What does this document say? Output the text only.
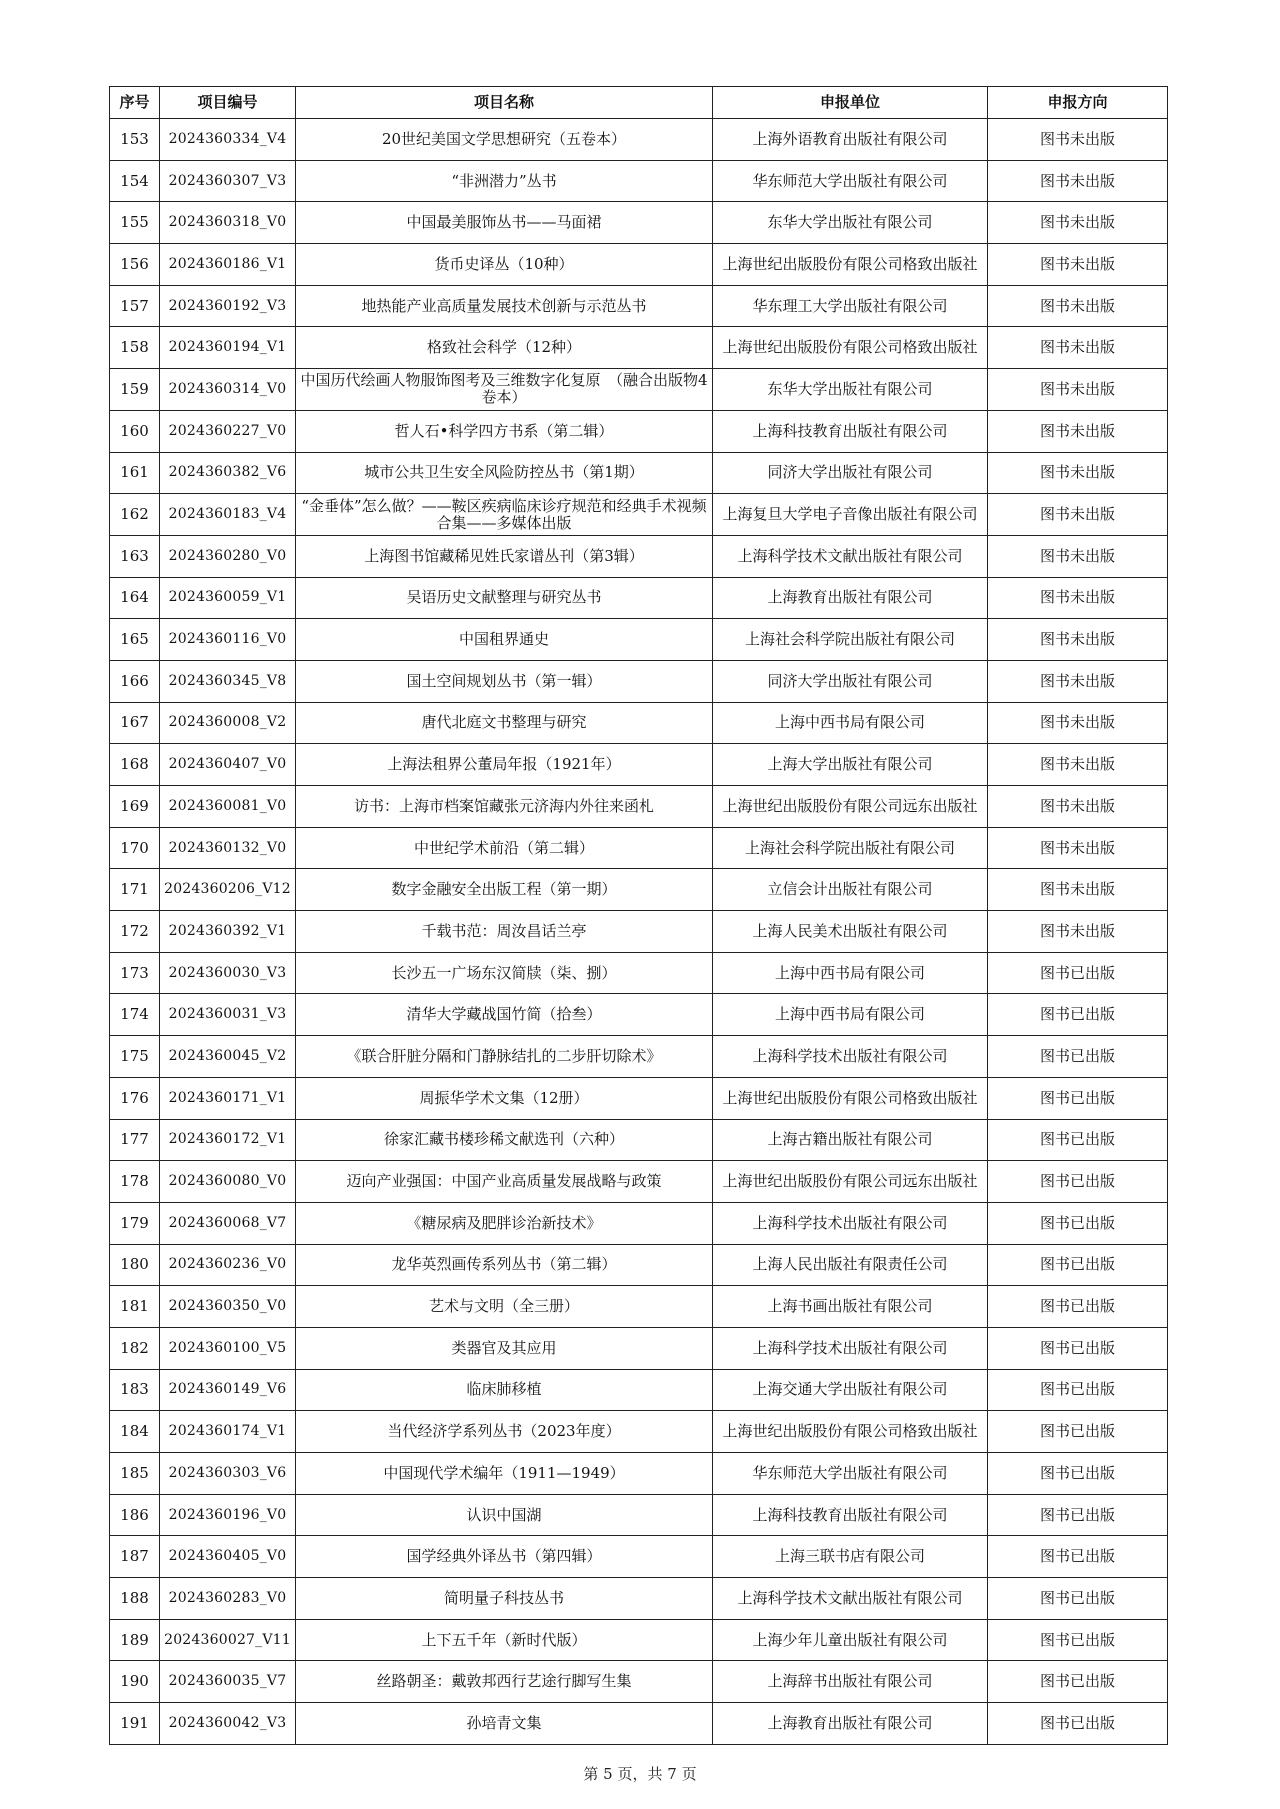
序号	项目编号	项目名称	申报单位	申报方向
153	2024360334_V4	20世纪美国文学思想研究（五卷本）	上海外语教育出版社有限公司	图书未出版
154	2024360307_V3	“非洲潜力”丛书	华东师范大学出版社有限公司	图书未出版
155	2024360318_V0	中国最美服饰丛书——马面裙	东华大学出版社有限公司	图书未出版
156	2024360186_V1	货币史译丛（10种）	上海世纪出版股份有限公司格致出版社	图书未出版
157	2024360192_V3	地热能产业高质量发展技术创新与示范丛书	华东理工大学出版社有限公司	图书未出版
158	2024360194_V1	格致社会科学（12种）	上海世纪出版股份有限公司格致出版社	图书未出版
159	2024360314_V0	中国历代绘画人物服饰图考及三维数字化复原　（融合出版物4卷本）	东华大学出版社有限公司	图书未出版
160	2024360227_V0	哲人石•科学四方书系（第二辑）	上海科技教育出版社有限公司	图书未出版
161	2024360382_V6	城市公共卫生安全风险防控丛书（第1期）	同济大学出版社有限公司	图书未出版
162	2024360183_V4	“金垂体”怎么做？——鞍区疾病临床诊疗规范和经典手术视频合集——多媒体出版	上海复旦大学电子音像出版社有限公司	图书未出版
163	2024360280_V0	上海图书馆藏稀见姓氏家谱丛刊（第3辑）	上海科学技术文献出版社有限公司	图书未出版
164	2024360059_V1	吴语历史文献整理与研究丛书	上海教育出版社有限公司	图书未出版
165	2024360116_V0	中国租界通史	上海社会科学院出版社有限公司	图书未出版
166	2024360345_V8	国土空间规划丛书（第一辑）	同济大学出版社有限公司	图书未出版
167	2024360008_V2	唐代北庭文书整理与研究	上海中西书局有限公司	图书未出版
168	2024360407_V0	上海法租界公董局年报（1921年）	上海大学出版社有限公司	图书未出版
169	2024360081_V0	访书：上海市档案馆藏张元济海内外往来函札	上海世纪出版股份有限公司远东出版社	图书未出版
170	2024360132_V0	中世纪学术前沿（第二辑）	上海社会科学院出版社有限公司	图书未出版
171	2024360206_V12	数字金融安全出版工程（第一期）	立信会计出版社有限公司	图书未出版
172	2024360392_V1	千载书范：周汝昌话兰亭	上海人民美术出版社有限公司	图书未出版
173	2024360030_V3	长沙五一广场东汉简牍（柒、捌）	上海中西书局有限公司	图书已出版
174	2024360031_V3	清华大学藏战国竹简（拾叁）	上海中西书局有限公司	图书已出版
175	2024360045_V2	《联合肝脏分隔和门静脉结扎的二步肝切除术》	上海科学技术出版社有限公司	图书已出版
176	2024360171_V1	周振华学术文集（12册）	上海世纪出版股份有限公司格致出版社	图书已出版
177	2024360172_V1	徐家汇藏书楼珍稀文献选刊（六种）	上海古籍出版社有限公司	图书已出版
178	2024360080_V0	迈向产业强国：中国产业高质量发展战略与政策	上海世纪出版股份有限公司远东出版社	图书已出版
179	2024360068_V7	《糖尿病及肥胖诊治新技术》	上海科学技术出版社有限公司	图书已出版
180	2024360236_V0	龙华英烈画传系列丛书（第二辑）	上海人民出版社有限责任公司	图书已出版
181	2024360350_V0	艺术与文明（全三册）	上海书画出版社有限公司	图书已出版
182	2024360100_V5	类器官及其应用	上海科学技术出版社有限公司	图书已出版
183	2024360149_V6	临床肺移植	上海交通大学出版社有限公司	图书已出版
184	2024360174_V1	当代经济学系列丛书（2023年度）	上海世纪出版股份有限公司格致出版社	图书已出版
185	2024360303_V6	中国现代学术编年（1911—1949）	华东师范大学出版社有限公司	图书已出版
186	2024360196_V0	认识中国湖	上海科技教育出版社有限公司	图书已出版
187	2024360405_V0	国学经典外译丛书（第四辑）	上海三联书店有限公司	图书已出版
188	2024360283_V0	简明量子科技丛书	上海科学技术文献出版社有限公司	图书已出版
189	2024360027_V11	上下五千年（新时代版）	上海少年儿童出版社有限公司	图书已出版
190	2024360035_V7	丝路朝圣：戴敦邦西行艺途行脚写生集	上海辞书出版社有限公司	图书已出版
191	2024360042_V3	孙培青文集	上海教育出版社有限公司	图书已出版
第 5 页，共 7 页
